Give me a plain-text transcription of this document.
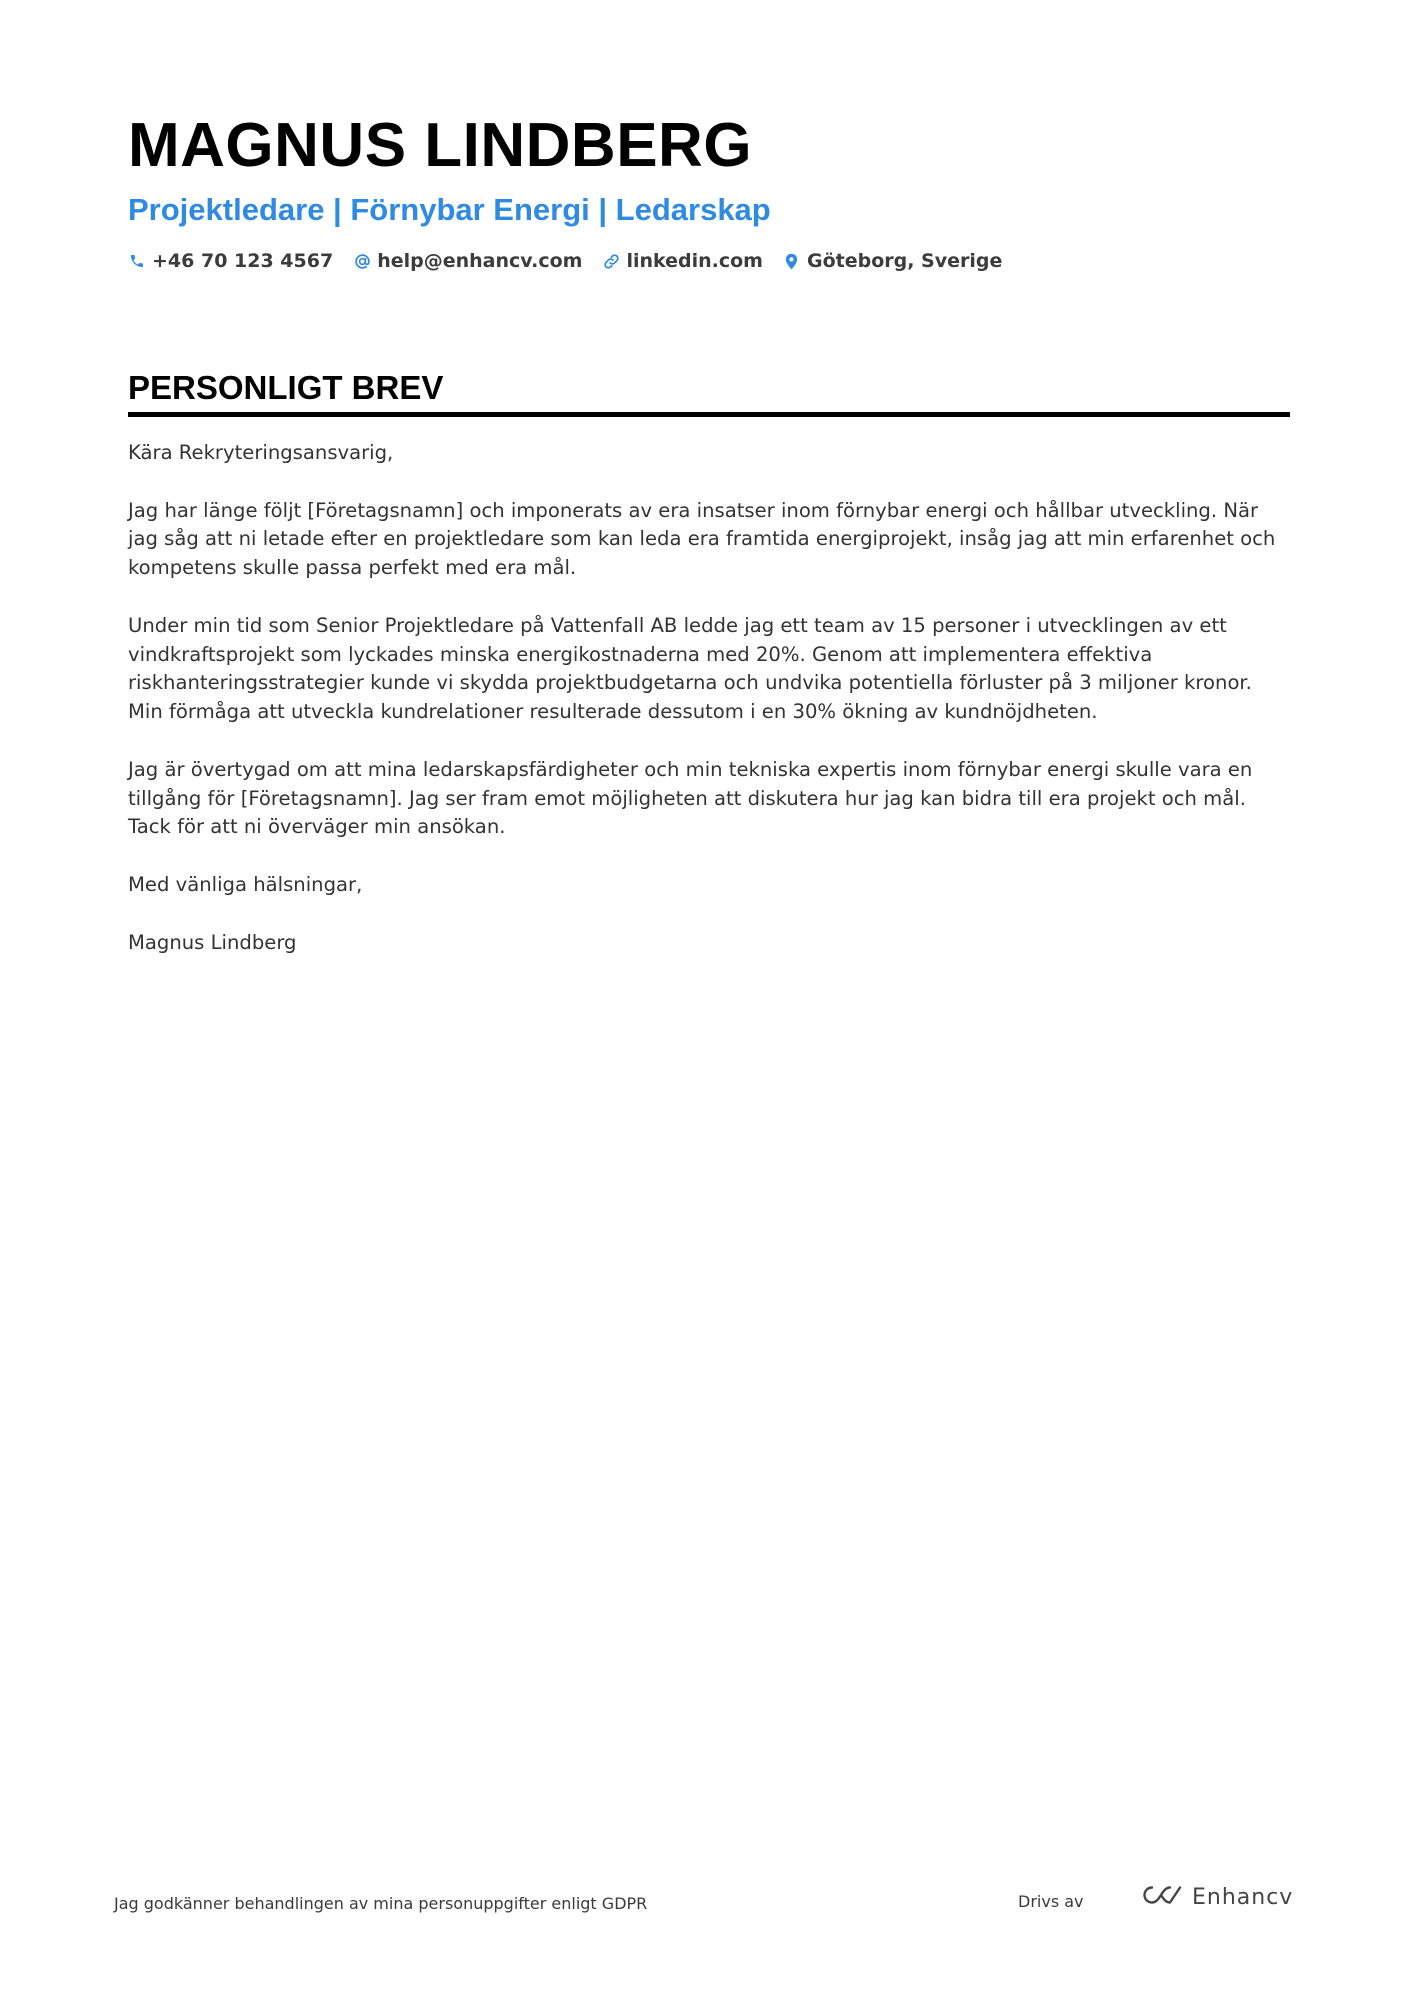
MAGNUS LINDBERG
Projektledare | Förnybar Energi | Ledarskap
+46 70 123 4567 help@enhancv.com linkedin.com Göteborg, Sverige
PERSONLIGT BREV

Kära Rekryteringsansvarig,

Jag har länge följt [Företagsnamn] och imponerats av era insatser inom förnybar energi och hållbar utveckling. När jag såg att ni letade efter en projektledare som kan leda era framtida energiprojekt, insåg jag att min erfarenhet och kompetens skulle passa perfekt med era mål.

Under min tid som Senior Projektledare på Vattenfall AB ledde jag ett team av 15 personer i utvecklingen av ett vindkraftsprojekt som lyckades minska energikostnaderna med 20%. Genom att implementera effektiva riskhanteringsstrategier kunde vi skydda projektbudgetarna och undvika potentiella förluster på 3 miljoner kronor. Min förmåga att utveckla kundrelationer resulterade dessutom i en 30% ökning av kundnöjdheten.

Jag är övertygad om att mina ledarskapsfärdigheter och min tekniska expertis inom förnybar energi skulle vara en tillgång för [Företagsnamn]. Jag ser fram emot möjligheten att diskutera hur jag kan bidra till era projekt och mål. Tack för att ni överväger min ansökan.

Med vänliga hälsningar,

Magnus Lindberg

Jag godkänner behandlingen av mina personuppgifter enligt GDPR	Drivs av	Enhancv
